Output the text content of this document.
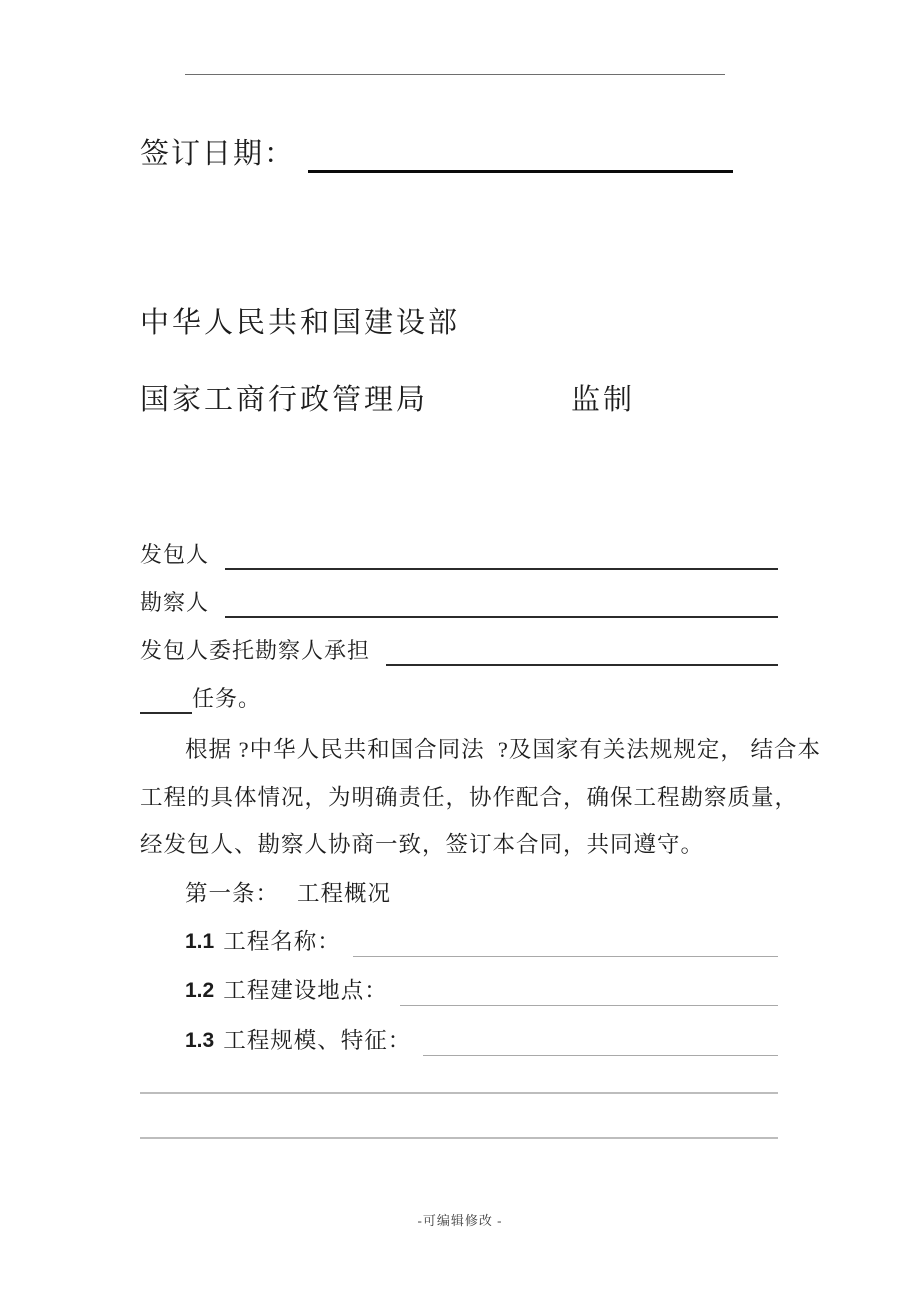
签订日期：
中华人民共和国建设部
国家工商行政管理局	监制
发包人
勘察人
发包人委托勘察人承担
任务。
根据 ?中华人民共和国合同法  ?及国家有关法规规定， 结合本
工程的具体情况，为明确责任，协作配合，确保工程勘察质量，
经发包人、勘察人协商一致，签订本合同，共同遵守。
第一条： 工程概况
1.1 工程名称：
1.2 工程建设地点：
1.3 工程规模、特征：
-可编辑修改 -
